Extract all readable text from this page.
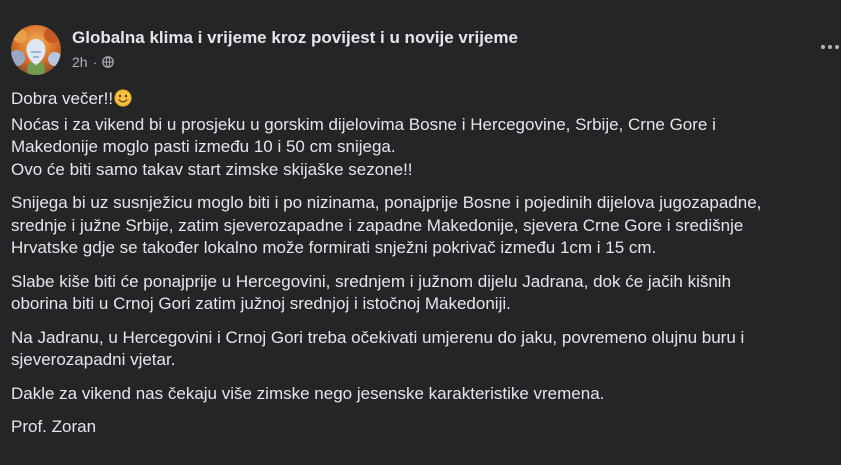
Globalna klima i vrijeme kroz povijest i u novije vrijeme
2h ·
Dobra večer!!
Noćas i za vikend bi u prosjeku u gorskim dijelovima Bosne i Hercegovine, Srbije, Crne Gore i
Makedonije moglo pasti između 10 i 50 cm snijega.
Ovo će biti samo takav start zimske skijaške sezone!!
Snijega bi uz susnježicu moglo biti i po nizinama, ponajprije Bosne i pojedinih dijelova jugozapadne,
srednje i južne Srbije, zatim sjeverozapadne i zapadne Makedonije, sjevera Crne Gore i središnje
Hrvatske gdje se također lokalno može formirati snježni pokrivač između 1cm i 15 cm.
Slabe kiše biti će ponajprije u Hercegovini, srednjem i južnom dijelu Jadrana, dok će jačih kišnih
oborina biti u Crnoj Gori zatim južnoj srednjoj i istočnoj Makedoniji.
Na Jadranu, u Hercegovini i Crnoj Gori treba očekivati umjerenu do jaku, povremeno olujnu buru i
sjeverozapadni vjetar.
Dakle za vikend nas čekaju više zimske nego jesenske karakteristike vremena.
Prof. Zoran
